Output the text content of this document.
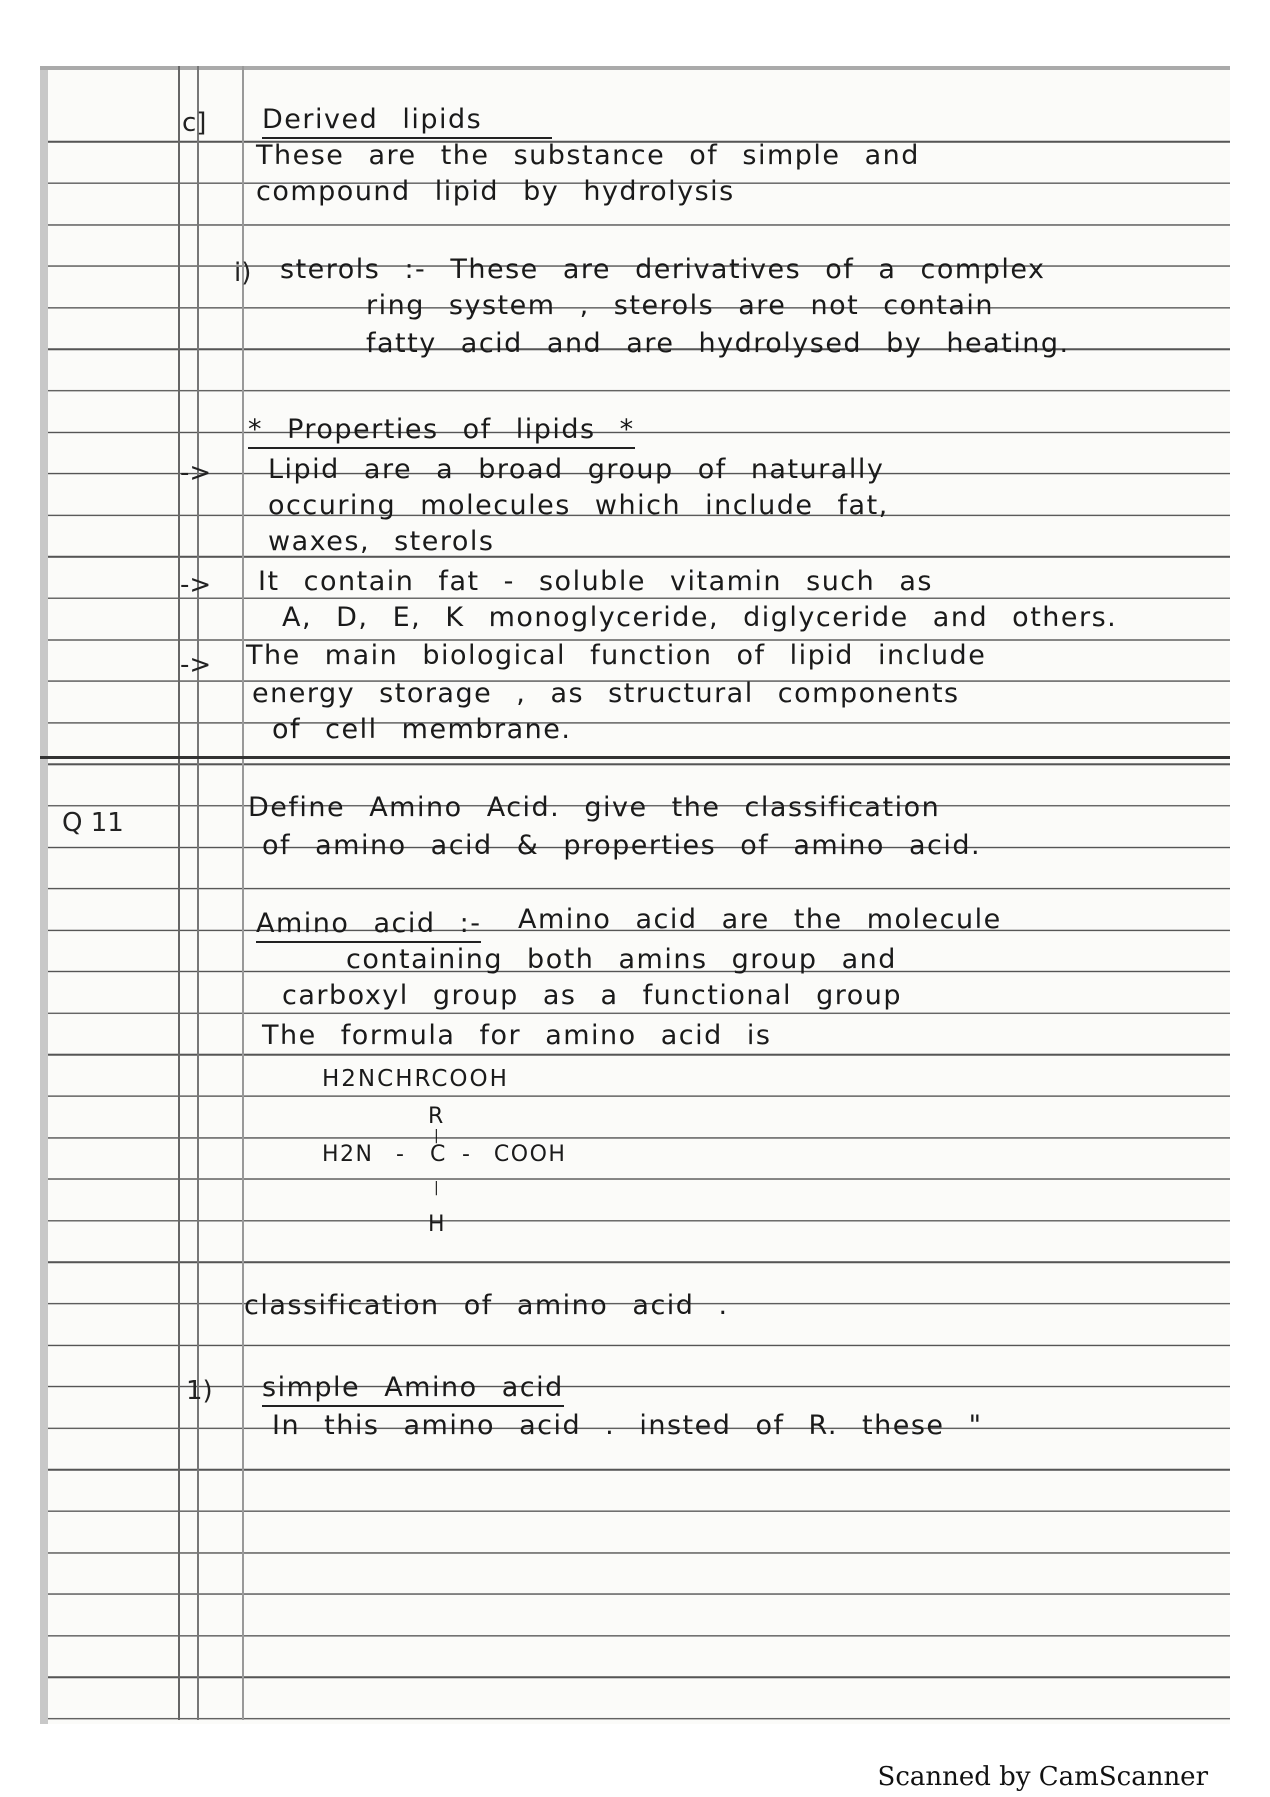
c] Derived lipids
These are the substance of simple and
compound lipid by hydrolysis
i) sterols :- These are derivatives of a complex
ring system , sterols are not contain
fatty acid and are hydrolysed by heating.
* Properties of lipids *
-> Lipid are a broad group of naturally
occuring molecules which include fat,
waxes, sterols
-> It contain fat - soluble vitamin such as
A, D, E, K monoglyceride, diglyceride and others.
-> The main biological function of lipid include
energy storage , as structural components
of cell membrane.
Q 11	Define Amino Acid. give the classification
of amino acid & properties of amino acid.
Amino acid :- Amino acid are the molecule
containing both amins group and
carboxyl group as a functional group
The formula for amino acid is
H2NCHRCOOH
R
|
H2N - C - COOH
|
H
classification of amino acid .
1) simple Amino acid
In this amino acid . insted of R. these "
Scanned by CamScanner
